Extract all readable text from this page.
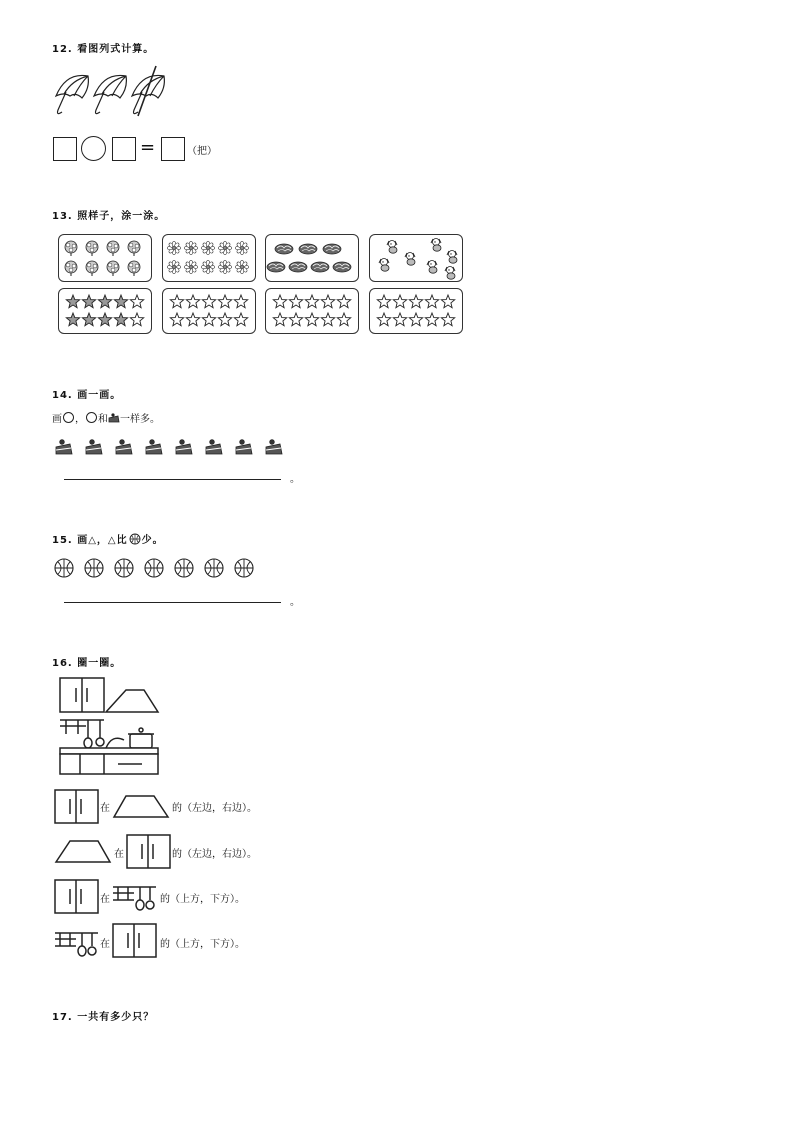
12. 看图列式计算。
=	（把）
13. 照样子，涂一涂。
14. 画一画。
画 ， 和 一样多。
。
15. 画△，△比 少。
。
16. 圈一圈。
在	的（左边，右边）。
在	的（左边，右边）。
在	的（上方，下方）。
在	的（上方，下方）。
17. 一共有多少只？
